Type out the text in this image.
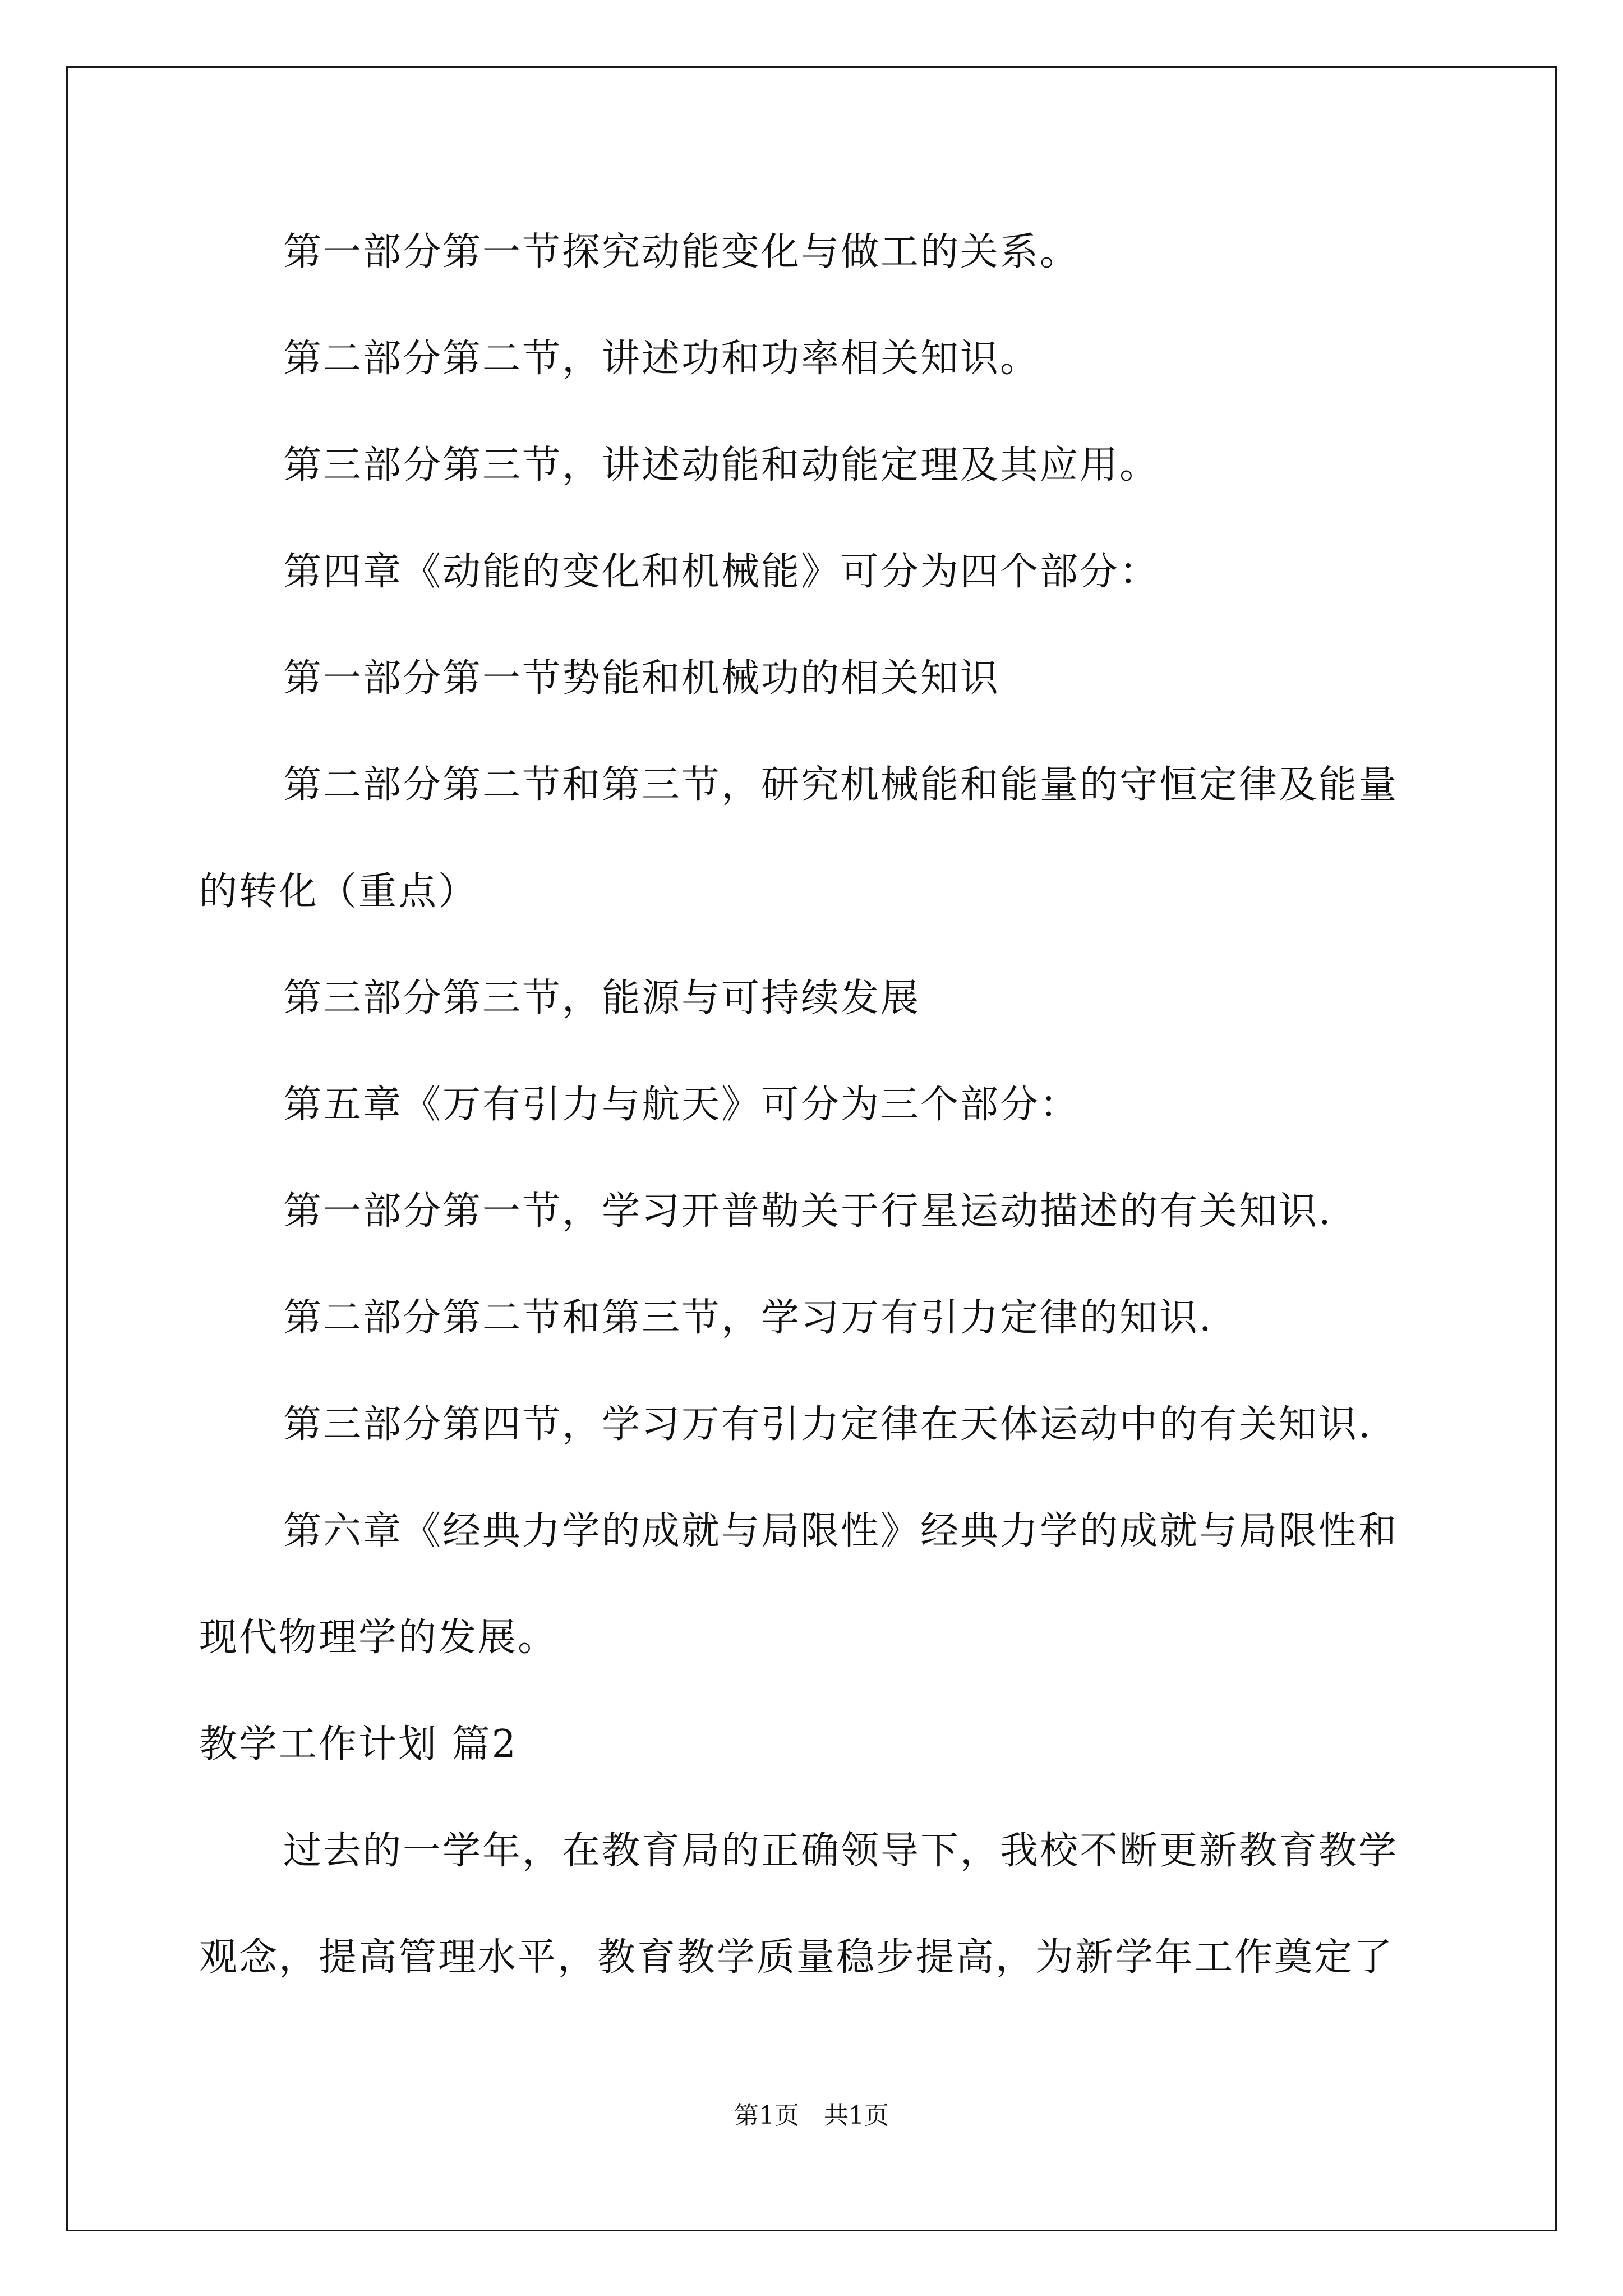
第一部分第一节探究动能变化与做工的关系。

第二部分第二节，讲述功和功率相关知识。

第三部分第三节，讲述动能和动能定理及其应用。

第四章《动能的变化和机械能》可分为四个部分：

第一部分第一节势能和机械功的相关知识

第二部分第二节和第三节，研究机械能和能量的守恒定律及能量的转化（重点）

第三部分第三节，能源与可持续发展

第五章《万有引力与航天》可分为三个部分：

第一部分第一节，学习开普勒关于行星运动描述的有关知识.

第二部分第二节和第三节，学习万有引力定律的知识.

第三部分第四节，学习万有引力定律在天体运动中的有关知识.

第六章《经典力学的成就与局限性》经典力学的成就与局限性和现代物理学的发展。

教学工作计划 篇2

过去的一学年，在教育局的正确领导下，我校不断更新教育教学观念，提高管理水平，教育教学质量稳步提高，为新学年工作奠定了

第1页　共1页
